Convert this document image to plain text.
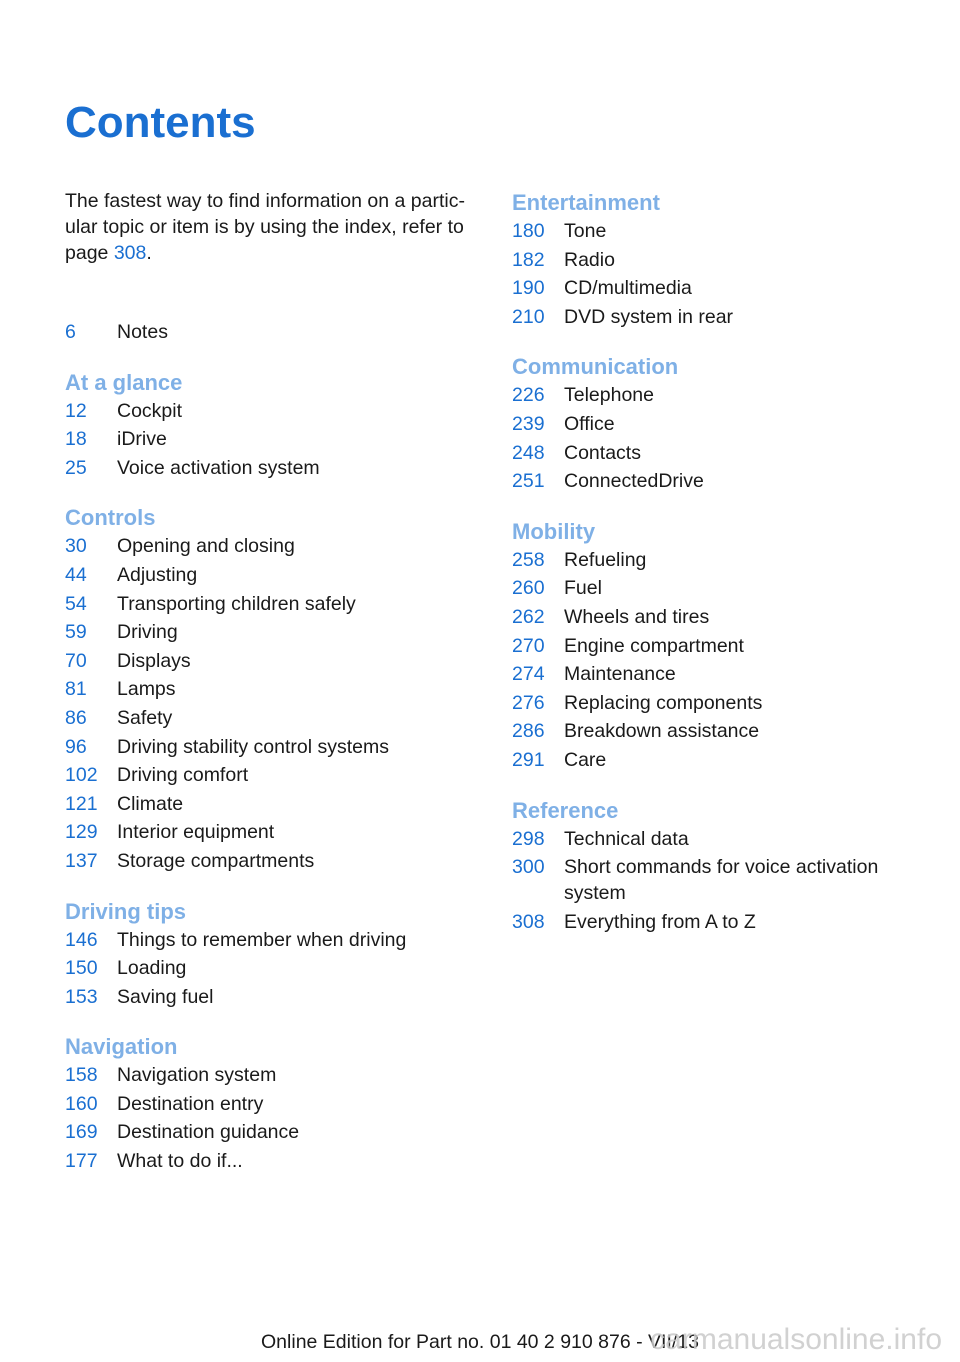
Contents

The fastest way to find information on a partic-ular topic or item is by using the index, refer to page 308.

6	Notes
At a glance
12	Cockpit
18	iDrive
25	Voice activation system
Controls
30	Opening and closing
44	Adjusting
54	Transporting children safely
59	Driving
70	Displays
81	Lamps
86	Safety
96	Driving stability control systems
102 Driving comfort
121 Climate
129 Interior equipment
137 Storage compartments
Driving tips
146 Things to remember when driving
150 Loading
153 Saving fuel
Navigation
158 Navigation system
160 Destination entry
169 Destination guidance
177 What to do if...
Entertainment
180 Tone
182 Radio
190 CD/multimedia
210 DVD system in rear
Communication
226 Telephone
239 Office
248 Contacts
251 ConnectedDrive
Mobility
258 Refueling
260 Fuel
262 Wheels and tires
270 Engine compartment
274 Maintenance
276 Replacing components
286 Breakdown assistance
291 Care
Reference
298 Technical data
300 Short commands for voice activation system
308 Everything from A to Z
Online Edition for Part no. 01 40 2 910 876 - VII/13
carmanualsonline.info
